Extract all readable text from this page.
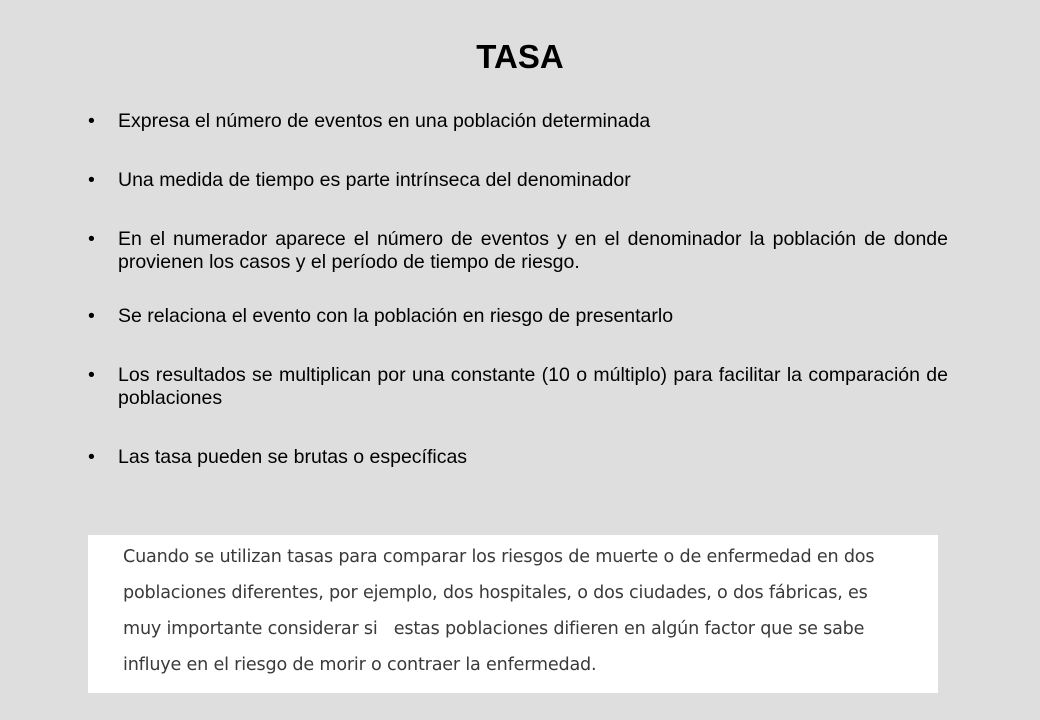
TASA
• Expresa el número de eventos en una población determinada
• Una medida de tiempo es parte intrínseca del denominador
• En el numerador aparece el número de eventos y en el denominador la población de donde provienen los casos y el período de tiempo de riesgo.
• Se relaciona el evento con la población en riesgo de presentarlo
• Los resultados se multiplican por una constante (10 o múltiplo) para facilitar la comparación de poblaciones
• Las tasa pueden se brutas o específicas
Cuando se utilizan tasas para comparar los riesgos de muerte o de enfermedad en dos
poblaciones diferentes, por ejemplo, dos hospitales, o dos ciudades, o dos fábricas, es
muy importante considerar si   estas poblaciones difieren en algún factor que se sabe
influye en el riesgo de morir o contraer la enfermedad.
